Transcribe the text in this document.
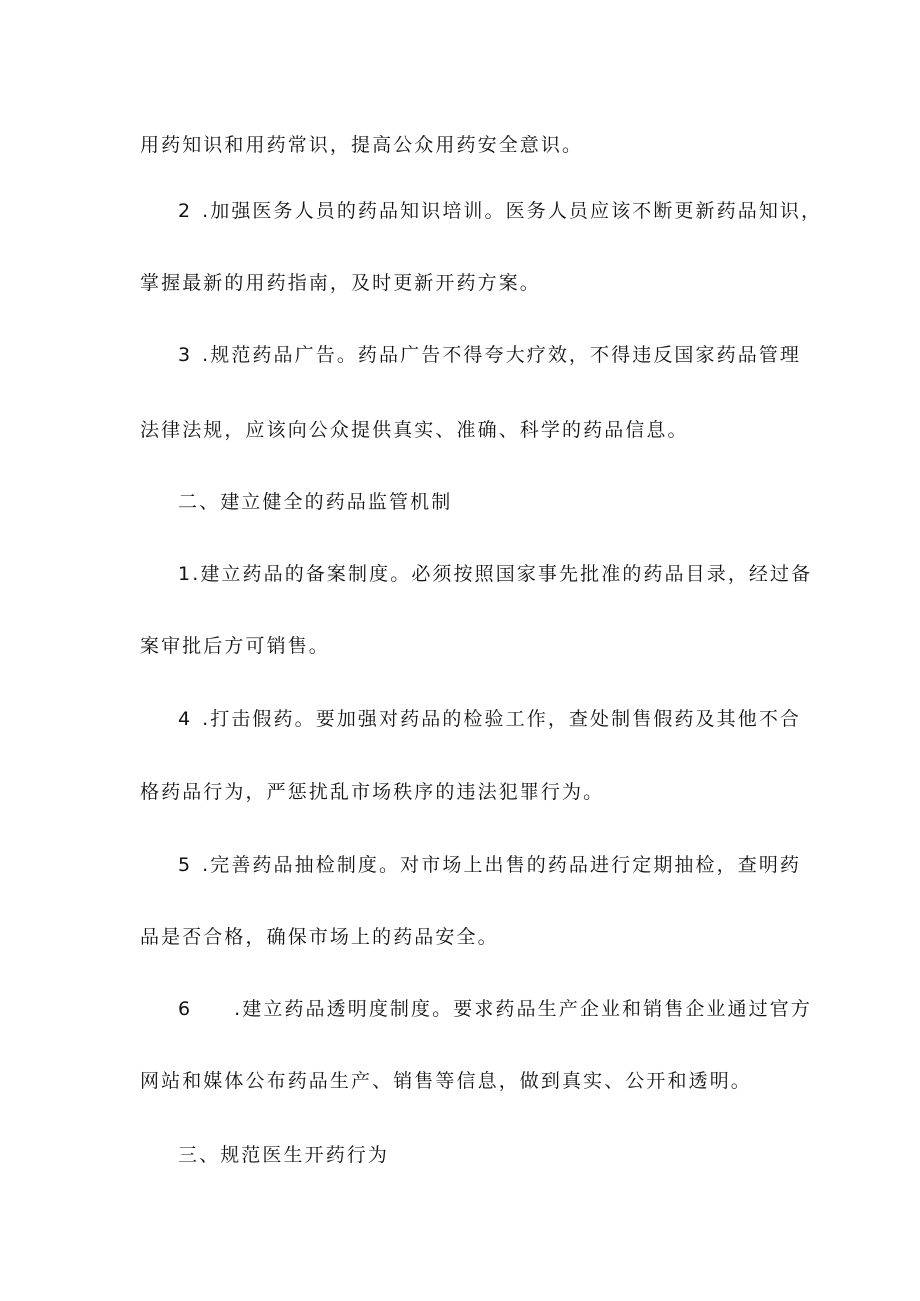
用药知识和用药常识，提高公众用药安全意识。
2 .加强医务人员的药品知识培训。医务人员应该不断更新药品知识，
掌握最新的用药指南，及时更新开药方案。
3 .规范药品广告。药品广告不得夸大疗效，不得违反国家药品管理
法律法规，应该向公众提供真实、准确、科学的药品信息。
二、建立健全的药品监管机制
1.建立药品的备案制度。必须按照国家事先批准的药品目录，经过备
案审批后方可销售。
4 .打击假药。要加强对药品的检验工作，查处制售假药及其他不合
格药品行为，严惩扰乱市场秩序的违法犯罪行为。
5 .完善药品抽检制度。对市场上出售的药品进行定期抽检，查明药
品是否合格，确保市场上的药品安全。
6 .建立药品透明度制度。要求药品生产企业和销售企业通过官方
网站和媒体公布药品生产、销售等信息，做到真实、公开和透明。
三、规范医生开药行为
